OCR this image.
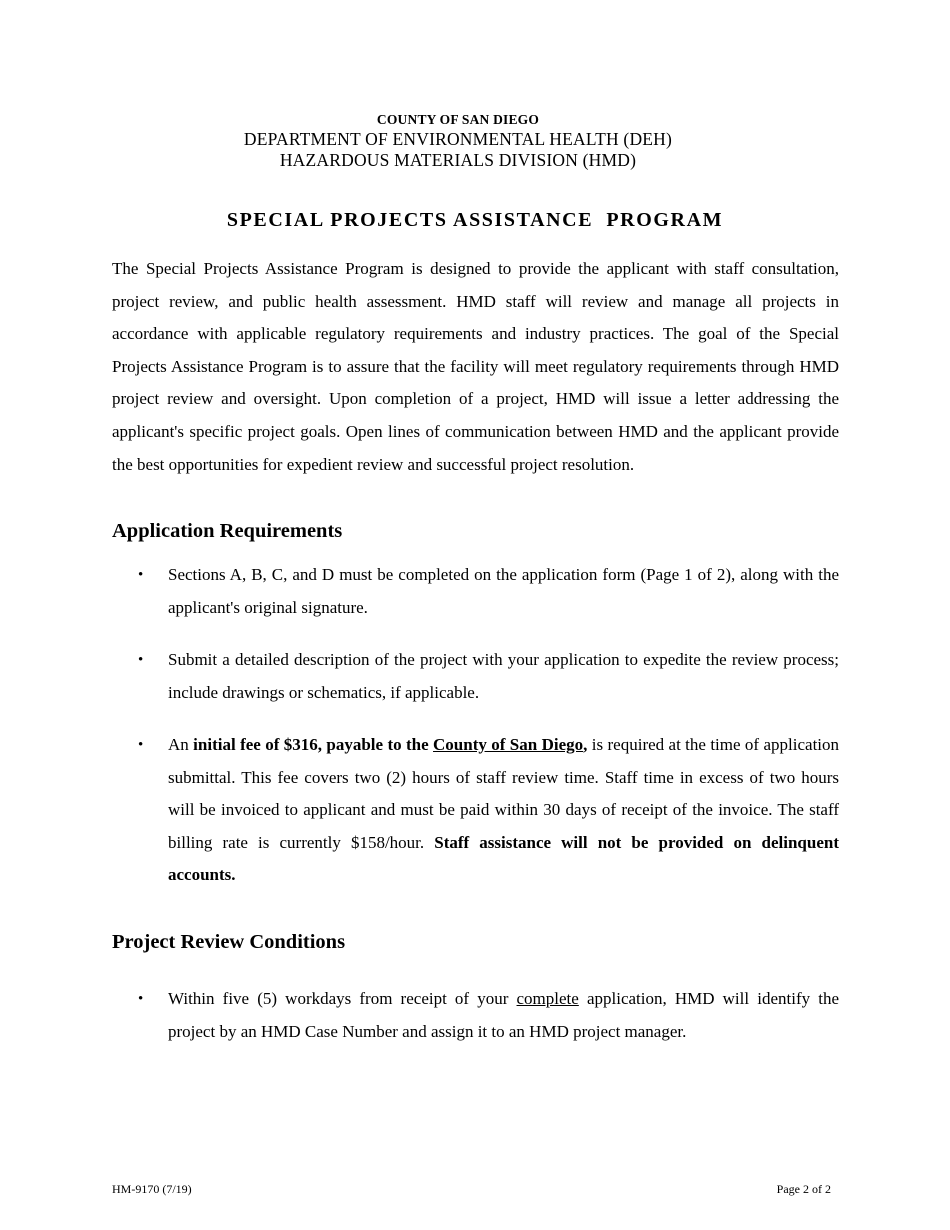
COUNTY OF SAN DIEGO
DEPARTMENT OF ENVIRONMENTAL HEALTH (DEH)
HAZARDOUS MATERIALS DIVISION (HMD)
SPECIAL PROJECTS ASSISTANCE  PROGRAM
The Special Projects Assistance Program is designed to provide the applicant with staff consultation, project review, and public health assessment. HMD staff will review and manage all projects in accordance with applicable regulatory requirements and industry practices. The goal of the Special Projects Assistance Program is to assure that the facility will meet regulatory requirements through HMD project review and oversight. Upon completion of a project, HMD will issue a letter addressing the applicant's specific project goals. Open lines of communication between HMD and the applicant provide the best opportunities for expedient review and successful project resolution.
Application Requirements
• Sections A, B, C, and D must be completed on the application form (Page 1 of 2), along with the applicant's original signature.
• Submit a detailed description of the project with your application to expedite the review process; include drawings or schematics, if applicable.
• An initial fee of $316, payable to the County of San Diego, is required at the time of application submittal. This fee covers two (2) hours of staff review time. Staff time in excess of two hours will be invoiced to applicant and must be paid within 30 days of receipt of the invoice. The staff billing rate is currently $158/hour. Staff assistance will not be provided on delinquent accounts.
Project Review Conditions
• Within five (5) workdays from receipt of your complete application, HMD will identify the project by an HMD Case Number and assign it to an HMD project manager.
HM-9170 (7/19)	Page 2 of 2
